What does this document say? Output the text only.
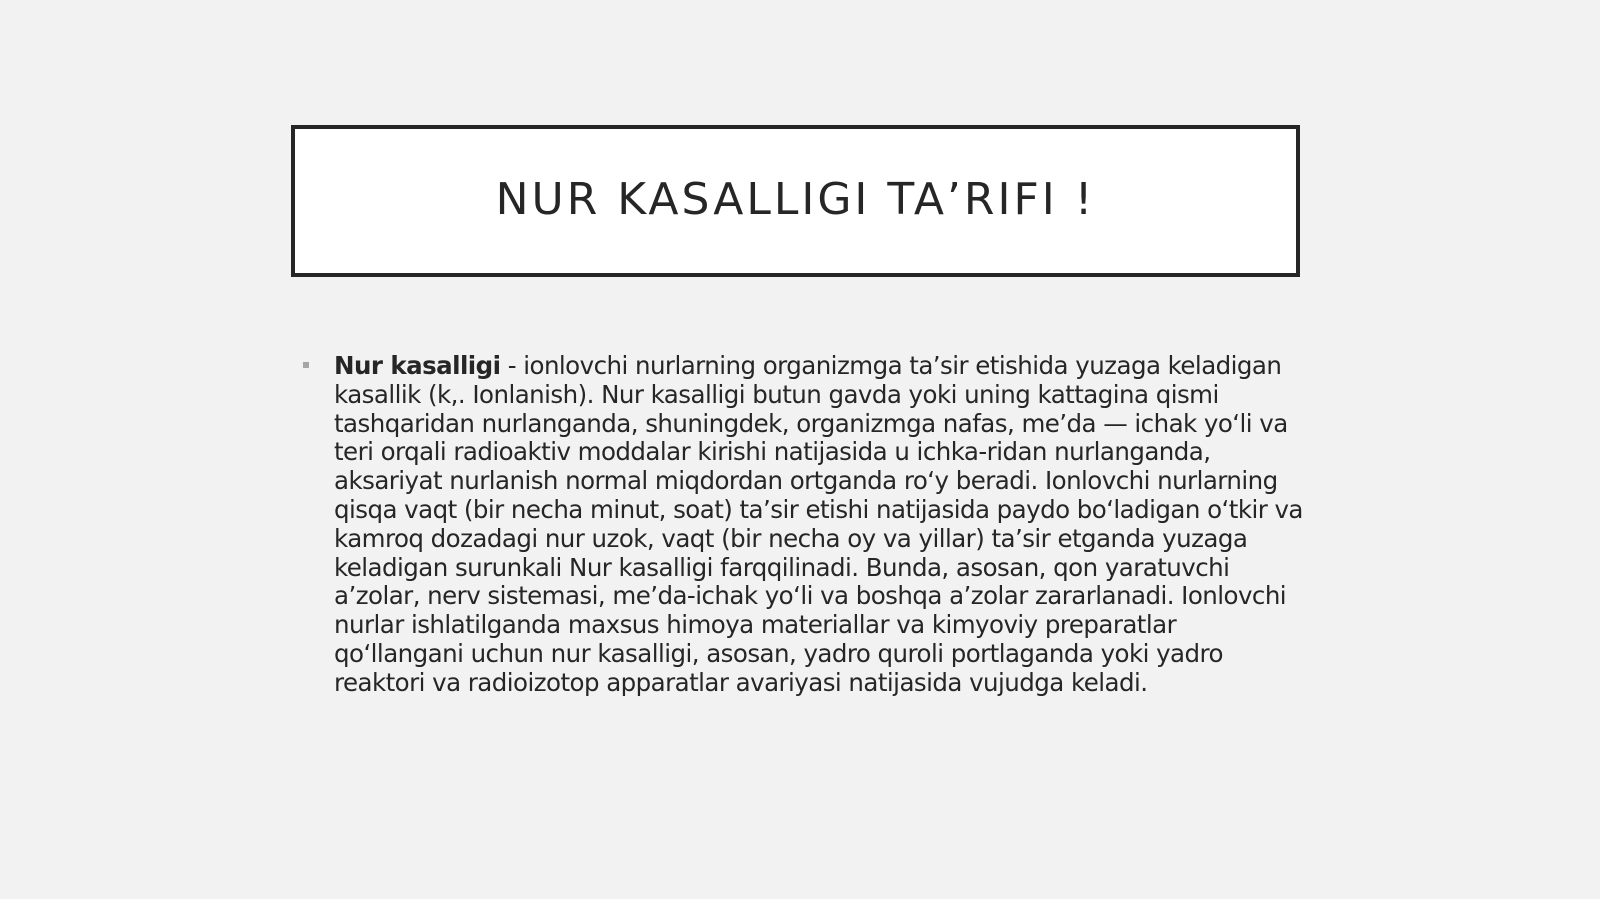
NUR KASALLIGI TA’RIFI !
Nur kasalligi - ionlovchi nurlarning organizmga ta’sir etishida yuzaga keladigan kasallik (k,. Ionlanish). Nur kasalligi butun gavda yoki uning kattagina qismi tashqaridan nurlanganda, shuningdek, organizmga nafas, me’da — ichak yo‘li va teri orqali radioaktiv moddalar kirishi natijasida u ichka-ridan nurlanganda, aksariyat nurlanish normal miqdordan ortganda ro‘y beradi. Ionlovchi nurlarning qisqa vaqt (bir necha minut, soat) ta’sir etishi natijasida paydo bo‘ladigan o‘tkir va kamroq dozadagi nur uzok, vaqt (bir necha oy va yillar) ta’sir etganda yuzaga keladigan surunkali Nur kasalligi farqqilinadi. Bunda, asosan, qon yaratuvchi a’zolar, nerv sistemasi, me’da-ichak yo‘li va boshqa a’zolar zararlanadi. Ionlovchi nurlar ishlatilganda maxsus himoya materiallar va kimyoviy preparatlar qo‘llangani uchun nur kasalligi, asosan, yadro quroli portlaganda yoki yadro reaktori va radioizotop apparatlar avariyasi natijasida vujudga keladi.
